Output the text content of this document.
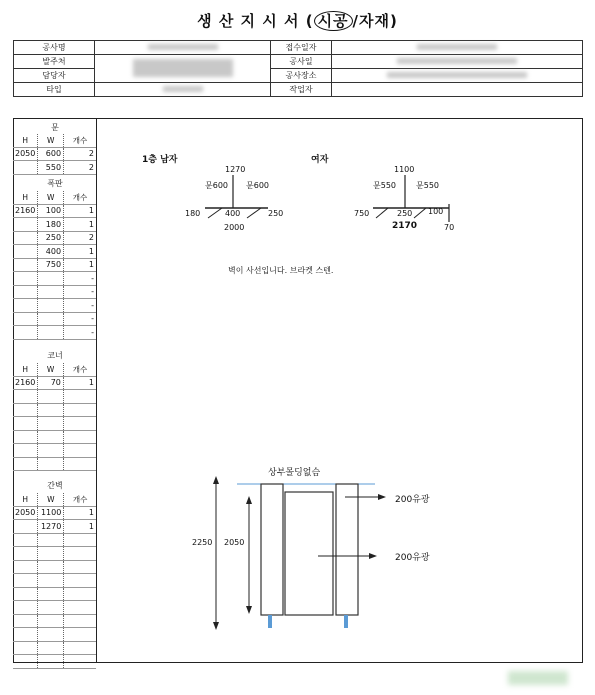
생 산 지 시 서 ( 시공 /자재)
공사명		접수일자	
발주처		공사일	
담당자		공사장소	
타입		작업자	
문
H	W	개수
2050	600	2
	550	2
폭판
H	W	개수
2160	100	1
	180	1
	250	2
	400	1
	750	1
		-
		-
		-
		-
		-
코너
H	W	개수
2160	70	1

간벽
H	W	개수
2050	1100	1
	1270	1

1층 남자	여자
1270
문600 문600
180	400	250
2000
1100
문550	문550
750	250 100
2170	70
벽이 사선입니다. 브라켓 스텐.
상부몰딩없슴
2250 2050
200유광
200유광
